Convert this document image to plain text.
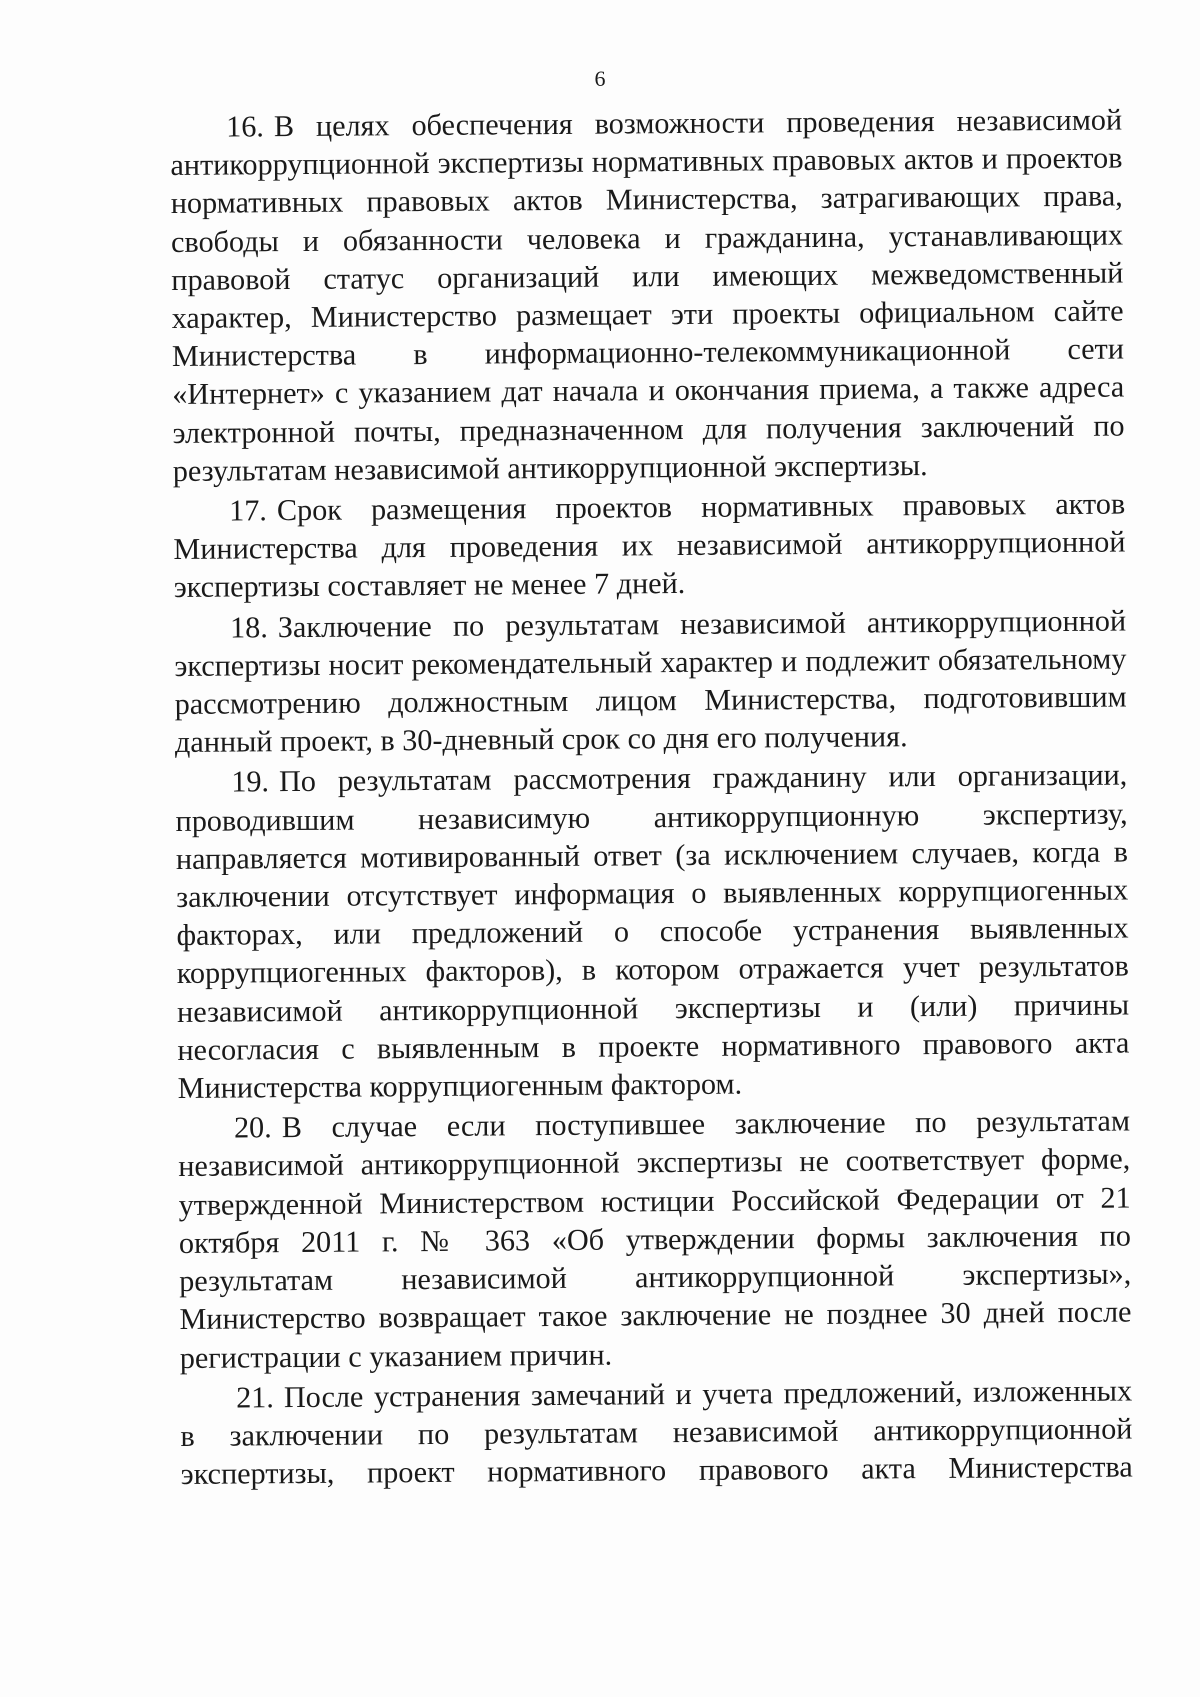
6

16. В целях обеспечения возможности проведения независимой антикоррупционной экспертизы нормативных правовых актов и проектов нормативных правовых актов Министерства, затрагивающих права, свободы и обязанности человека и гражданина, устанавливающих правовой статус организаций или имеющих межведомственный характер, Министерство размещает эти проекты официальном сайте Министерства в информационно-телекоммуникационной сети «Интернет» с указанием дат начала и окончания приема, а также адреса электронной почты, предназначенном для получения заключений по результатам независимой антикоррупционной экспертизы.

17. Срок размещения проектов нормативных правовых актов Министерства для проведения их независимой антикоррупционной экспертизы составляет не менее 7 дней.

18. Заключение по результатам независимой антикоррупционной экспертизы носит рекомендательный характер и подлежит обязательному рассмотрению должностным лицом Министерства, подготовившим данный проект, в 30-дневный срок со дня его получения.

19. По результатам рассмотрения гражданину или организации, проводившим независимую антикоррупционную экспертизу, направляется мотивированный ответ (за исключением случаев, когда в заключении отсутствует информация о выявленных коррупциогенных факторах, или предложений о способе устранения выявленных коррупциогенных факторов), в котором отражается учет результатов независимой антикоррупционной экспертизы и (или) причины несогласия с выявленным в проекте нормативного правового акта Министерства коррупциогенным фактором.

20. В случае если поступившее заключение по результатам независимой антикоррупционной экспертизы не соответствует форме, утвержденной Министерством юстиции Российской Федерации от 21 октября 2011 г. № 363 «Об утверждении формы заключения по результатам независимой антикоррупционной экспертизы», Министерство возвращает такое заключение не позднее 30 дней после регистрации с указанием причин.

21. После устранения замечаний и учета предложений, изложенных в заключении по результатам независимой антикоррупционной экспертизы, проект нормативного правового акта Министерства
